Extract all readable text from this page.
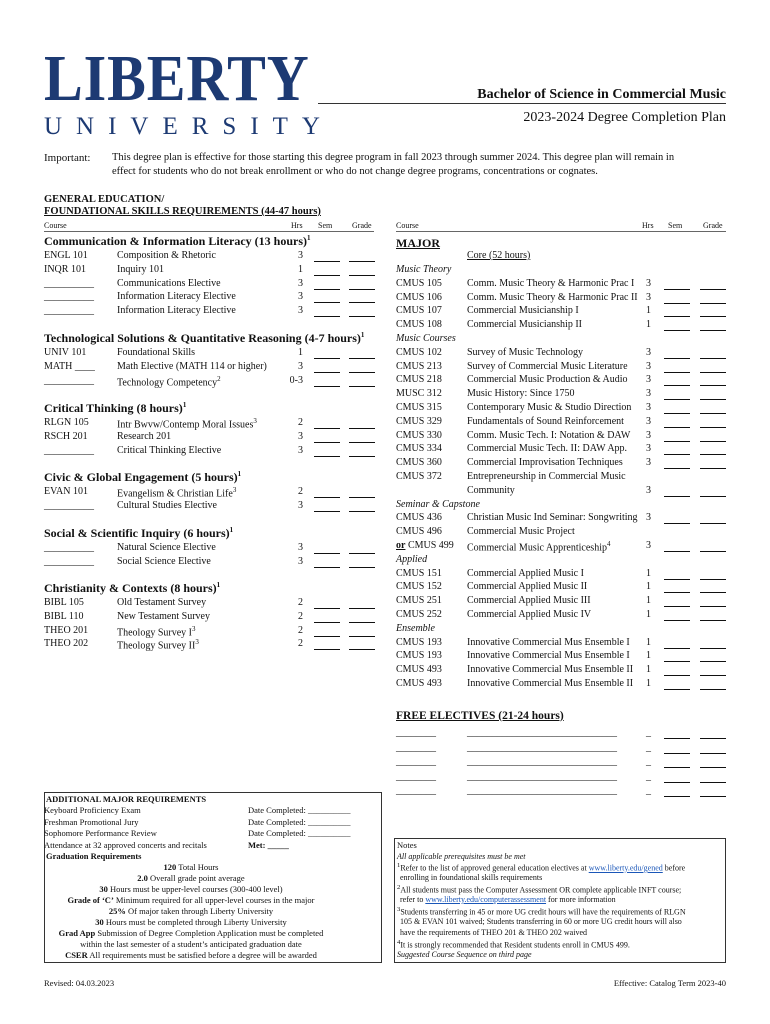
LIBERTY
UNIVERSITY
Bachelor of Science in Commercial Music
2023-2024 Degree Completion Plan
Important: This degree plan is effective for those starting this degree program in fall 2023 through summer 2024. This degree plan will remain in
effect for students who do not break enrollment or who do not change degree programs, concentrations or cognates.
GENERAL EDUCATION/
FOUNDATIONAL SKILLS REQUIREMENTS (44-47 hours)
Course	Hrs Sem Grade
Communication & Information Literacy (13 hours)$^1$
ENGL 101	Composition & Rhetoric	3
INQR 101	Inquiry 101	1
__________ Communications Elective	3
__________ Information Literacy Elective	3
__________ Information Literacy Elective	3
Technological Solutions & Quantitative Reasoning (4-7 hours)$^1$
UNIV 101	Foundational Skills	1
MATH ____ Math Elective (MATH 114 or higher)	3
__________ Technology Competency$^2$	0-3
Critical Thinking (8 hours)$^1$
RLGN 105	Intr Bwvw/Contemp Moral Issues$^3$	2
RSCH 201	Research 201	3
__________ Critical Thinking Elective	3
Civic & Global Engagement (5 hours)$^1$
EVAN 101	Evangelism & Christian Life$^3$	2
__________ Cultural Studies Elective	3
Social & Scientific Inquiry (6 hours)$^1$
__________ Natural Science Elective	3
__________ Social Science Elective	3
Christianity & Contexts (8 hours)$^1$
BIBL 105	Old Testament Survey	2
BIBL 110	New Testament Survey	2
THEO 201	Theology Survey $I^3$	2
THEO 202	Theology Survey $II^3$	2
Course	Hrs Sem	Grade
MAJOR
Core (52 hours)
Music Theory
CMUS 105	Comm. Music Theory & Harmonic Prac I 3
CMUS 106	Comm. Music Theory & Harmonic Prac II 3
CMUS 107	Commercial Musicianship I	1
CMUS 108	Commercial Musicianship II	1
Music Courses
CMUS 102	Survey of Music Technology	3
CMUS 213	Survey of Commercial Music Literature 3
CMUS 218	Commercial Music Production & Audio 3
MUSC 312	Music History: Since 1750	3
CMUS 315	Contemporary Music & Studio Direction 3
CMUS 329	Fundamentals of Sound Reinforcement 3
CMUS 330	Comm. Music Tech. I: Notation & DAW 3
CMUS 334	Commercial Music Tech. II: DAW App. 3
CMUS 360	Commercial Improvisation Techniques 3
CMUS 372	Entrepreneurship in Commercial Music
Community	3
Seminar & Capstone
CMUS 436	Christian Music Ind Seminar: Songwriting 3
CMUS 496	Commercial Music Project
or CMUS 499 Commercial Music Apprenticeship$^4$	3
Applied
CMUS 151	Commercial Applied Music I	1
CMUS 152	Commercial Applied Music II	1
CMUS 251	Commercial Applied Music III	1
CMUS 252	Commercial Applied Music IV	1
Ensemble
CMUS 193	Innovative Commercial Mus Ensemble I 1
CMUS 193	Innovative Commercial Mus Ensemble I 1
CMUS 493	Innovative Commercial Mus Ensemble II 1
CMUS 493	Innovative Commercial Mus Ensemble II 1
FREE ELECTIVES (21-24 hours)
________	______________________________	_
________	______________________________	_
________	______________________________	_
________	______________________________	_
________	______________________________	_
ADDITIONAL MAJOR REQUIREMENTS
Keyboard Proficiency Exam	Date Completed: __________
Freshman Promotional Jury	Date Completed: __________
Sophomore Performance Review	Date Completed: __________
Attendance at 32 approved concerts and recitals	Met: _____
Graduation Requirements
120 Total Hours
2.0 Overall grade point average
30 Hours must be upper-level courses (300-400 level)
Grade of ‘C’ Minimum required for all upper-level courses in the major
25% Of major taken through Liberty University
30 Hours must be completed through Liberty University
Grad App Submission of Degree Completion Application must be completed
within the last semester of a student’s anticipated graduation date
CSER All requirements must be satisfied before a degree will be awarded
Notes
All applicable prerequisites must be met
$^1$Refer to the list of approved general education electives at www.liberty.edu/gened before
enrolling in foundational skills requirements
$^2$All students must pass the Computer Assessment OR complete applicable INFT course;
refer to www.liberty.edu/computerassessment for more information
$^3$Students transferring in 45 or more UG credit hours will have the requirements of RLGN
105 & EVAN 101 waived; Students transferring in 60 or more UG credit hours will also
have the requirements of THEO 201 & THEO 202 waived
$^4$It is strongly recommended that Resident students enroll in CMUS 499.
Suggested Course Sequence on third page
Revised: 04.03.2023	Effective: Catalog Term 2023-40
